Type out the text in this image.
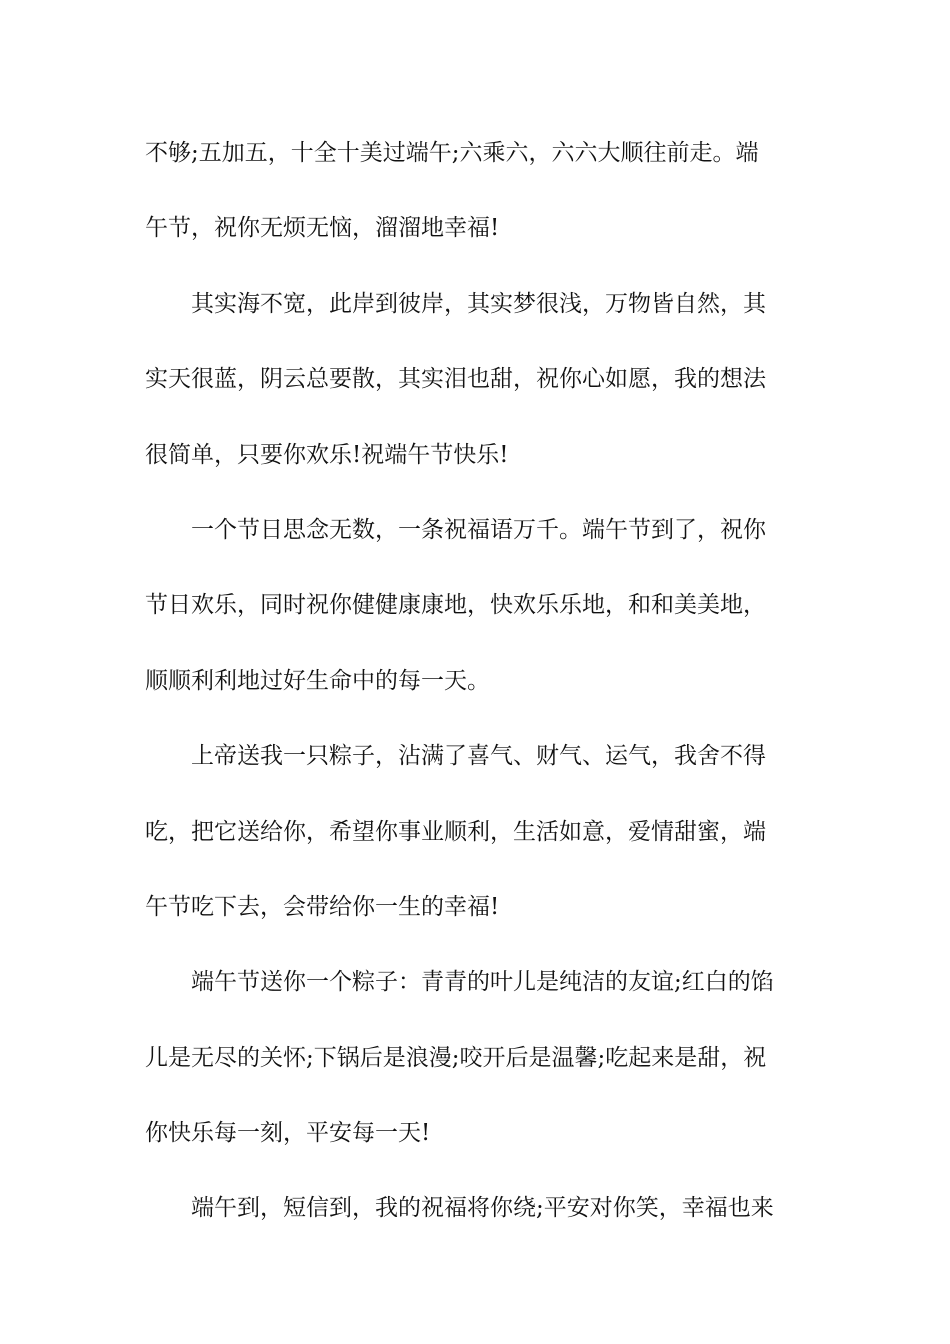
不够;五加五，十全十美过端午;六乘六，六六大顺往前走。端
午节，祝你无烦无恼，溜溜地幸福!
其实海不宽，此岸到彼岸，其实梦很浅，万物皆自然，其
实天很蓝，阴云总要散，其实泪也甜，祝你心如愿，我的想法
很简单，只要你欢乐!祝端午节快乐!
一个节日思念无数，一条祝福语万千。端午节到了，祝你
节日欢乐，同时祝你健健康康地，快欢乐乐地，和和美美地，
顺顺利利地过好生命中的每一天。
上帝送我一只粽子，沾满了喜气、财气、运气，我舍不得
吃，把它送给你，希望你事业顺利，生活如意，爱情甜蜜，端
午节吃下去，会带给你一生的幸福!
端午节送你一个粽子：青青的叶儿是纯洁的友谊;红白的馅
儿是无尽的关怀;下锅后是浪漫;咬开后是温馨;吃起来是甜，祝
你快乐每一刻，平安每一天!
端午到，短信到，我的祝福将你绕;平安对你笑，幸福也来
